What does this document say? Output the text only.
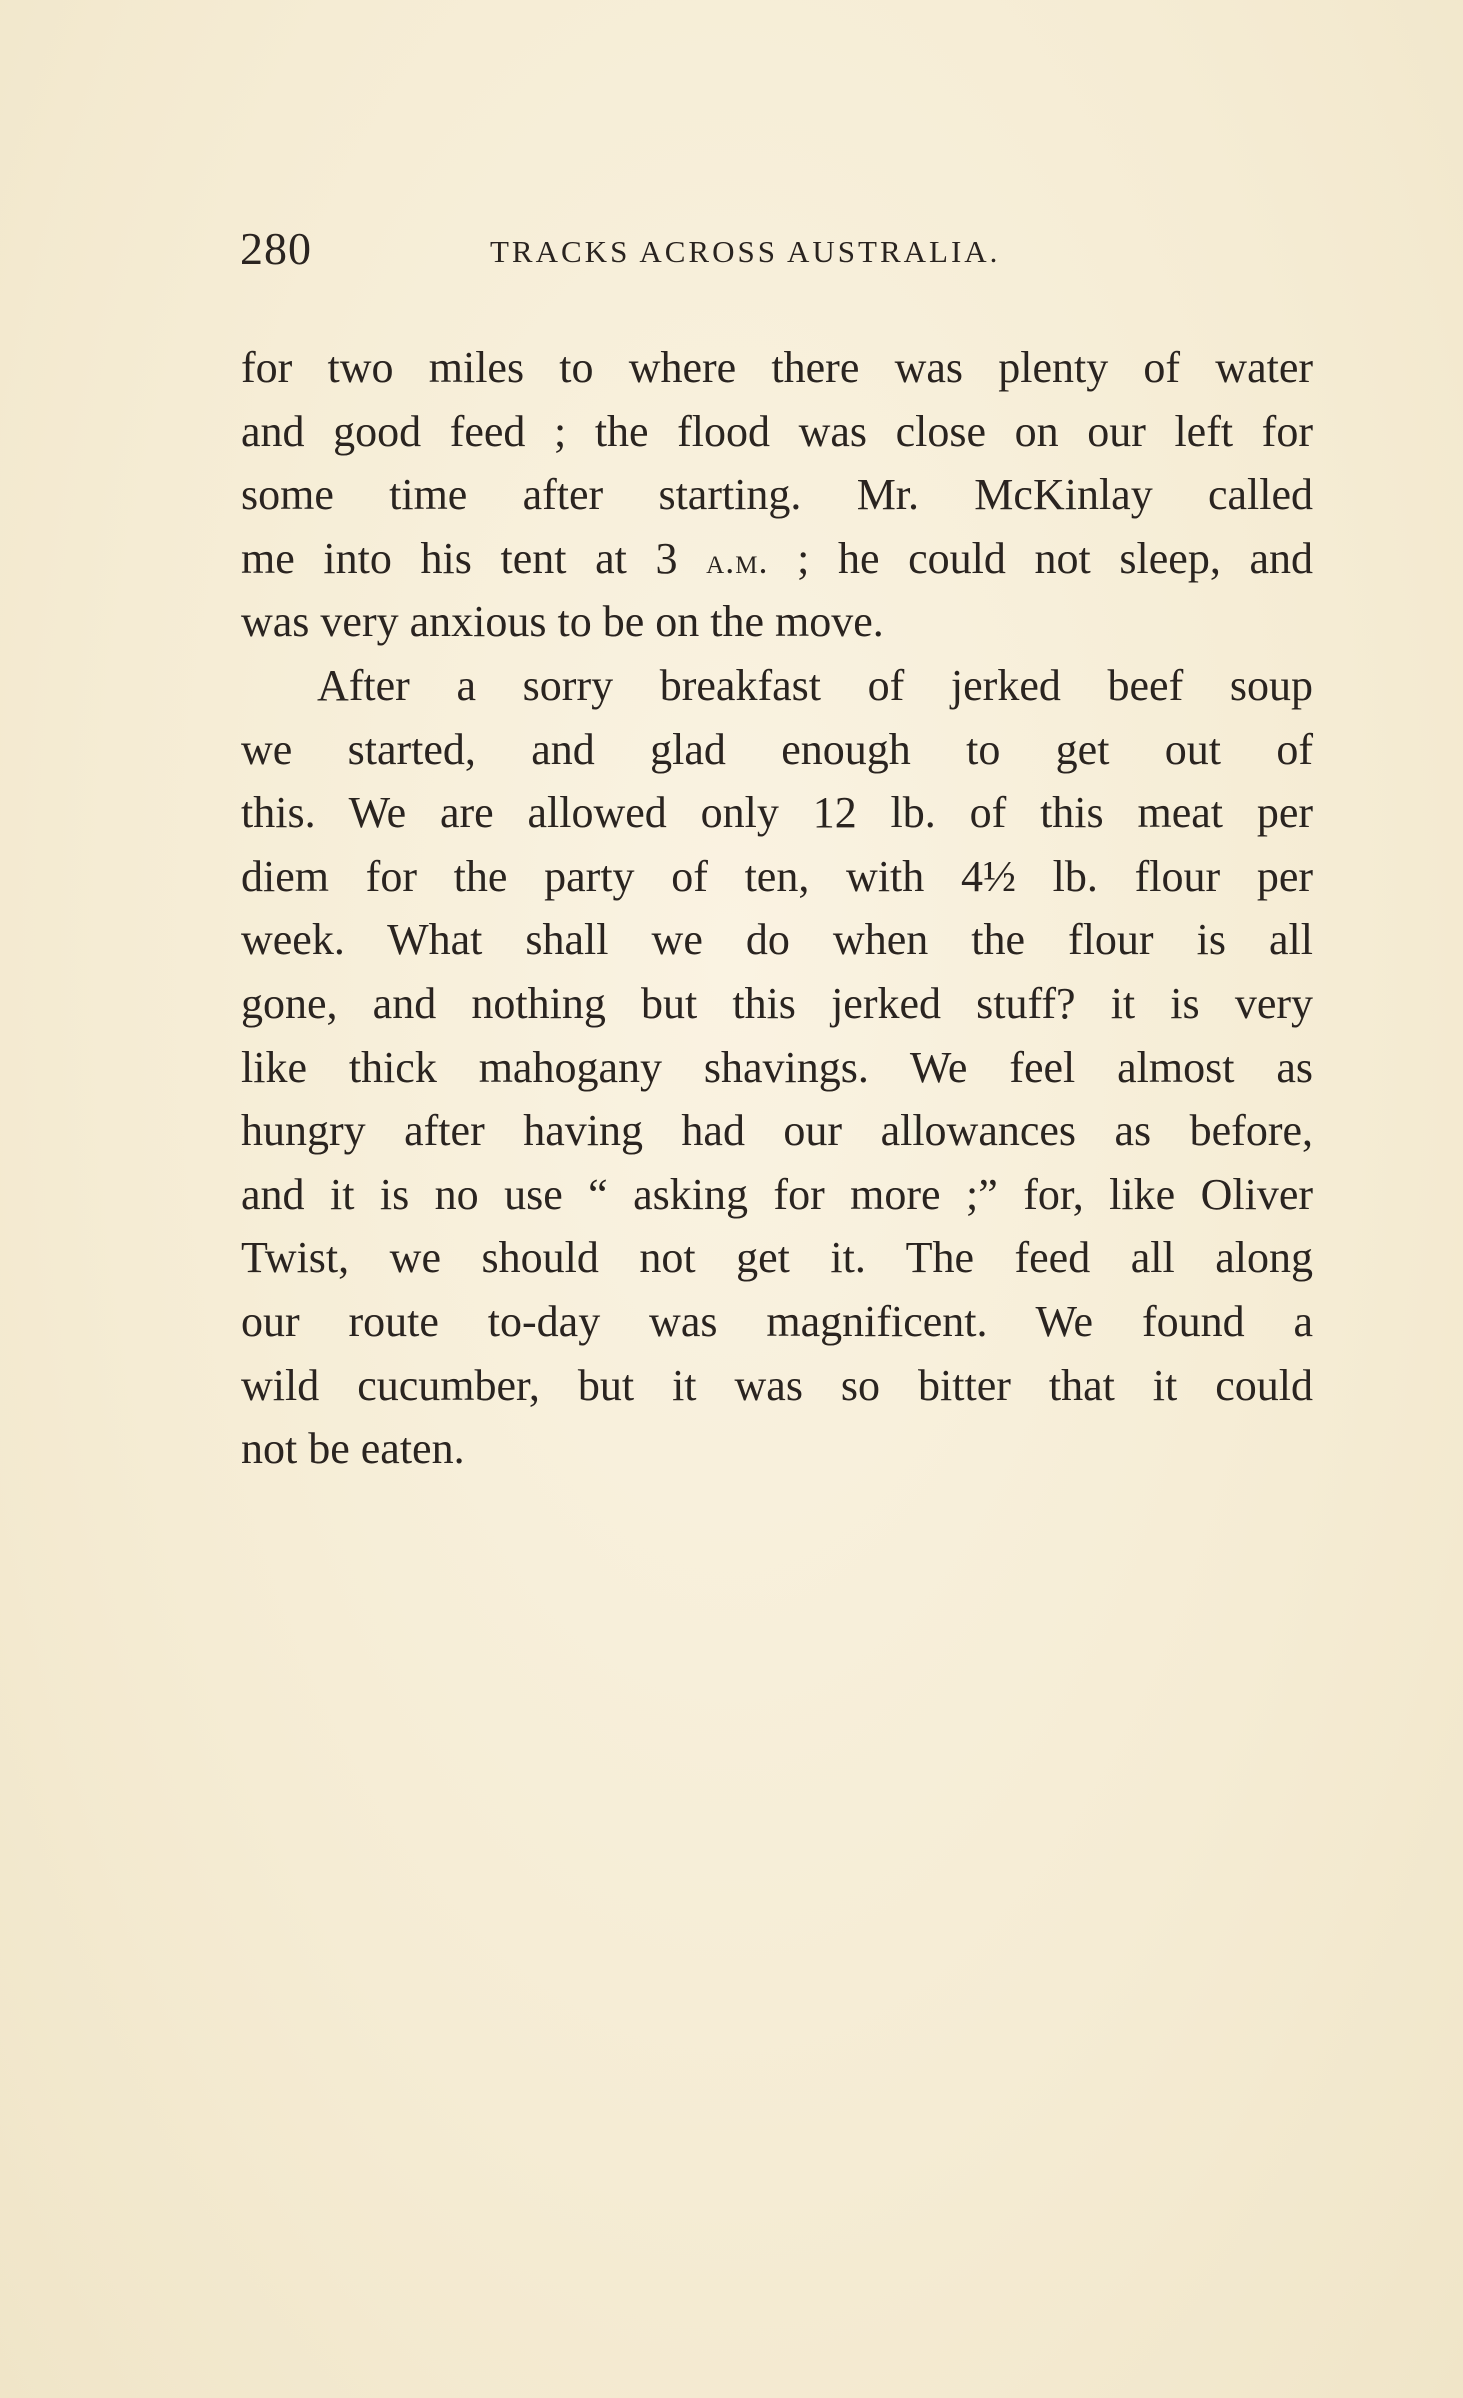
280	TRACKS ACROSS AUSTRALIA.
for two miles to where there was plenty of water
and good feed ; the flood was close on our left for
some time after starting. Mr. McKinlay called
me into his tent at 3 a.m. ; he could not sleep, and
was very anxious to be on the move.
After a sorry breakfast of jerked beef soup
we started, and glad enough to get out of
this. We are allowed only 12 lb. of this meat per
diem for the party of ten, with 4½ lb. flour per
week. What shall we do when the flour is all
gone, and nothing but this jerked stuff? it is very
like thick mahogany shavings. We feel almost as
hungry after having had our allowances as before,
and it is no use “ asking for more ;” for, like Oliver
Twist, we should not get it. The feed all along
our route to-day was magnificent. We found a
wild cucumber, but it was so bitter that it could
not be eaten.
